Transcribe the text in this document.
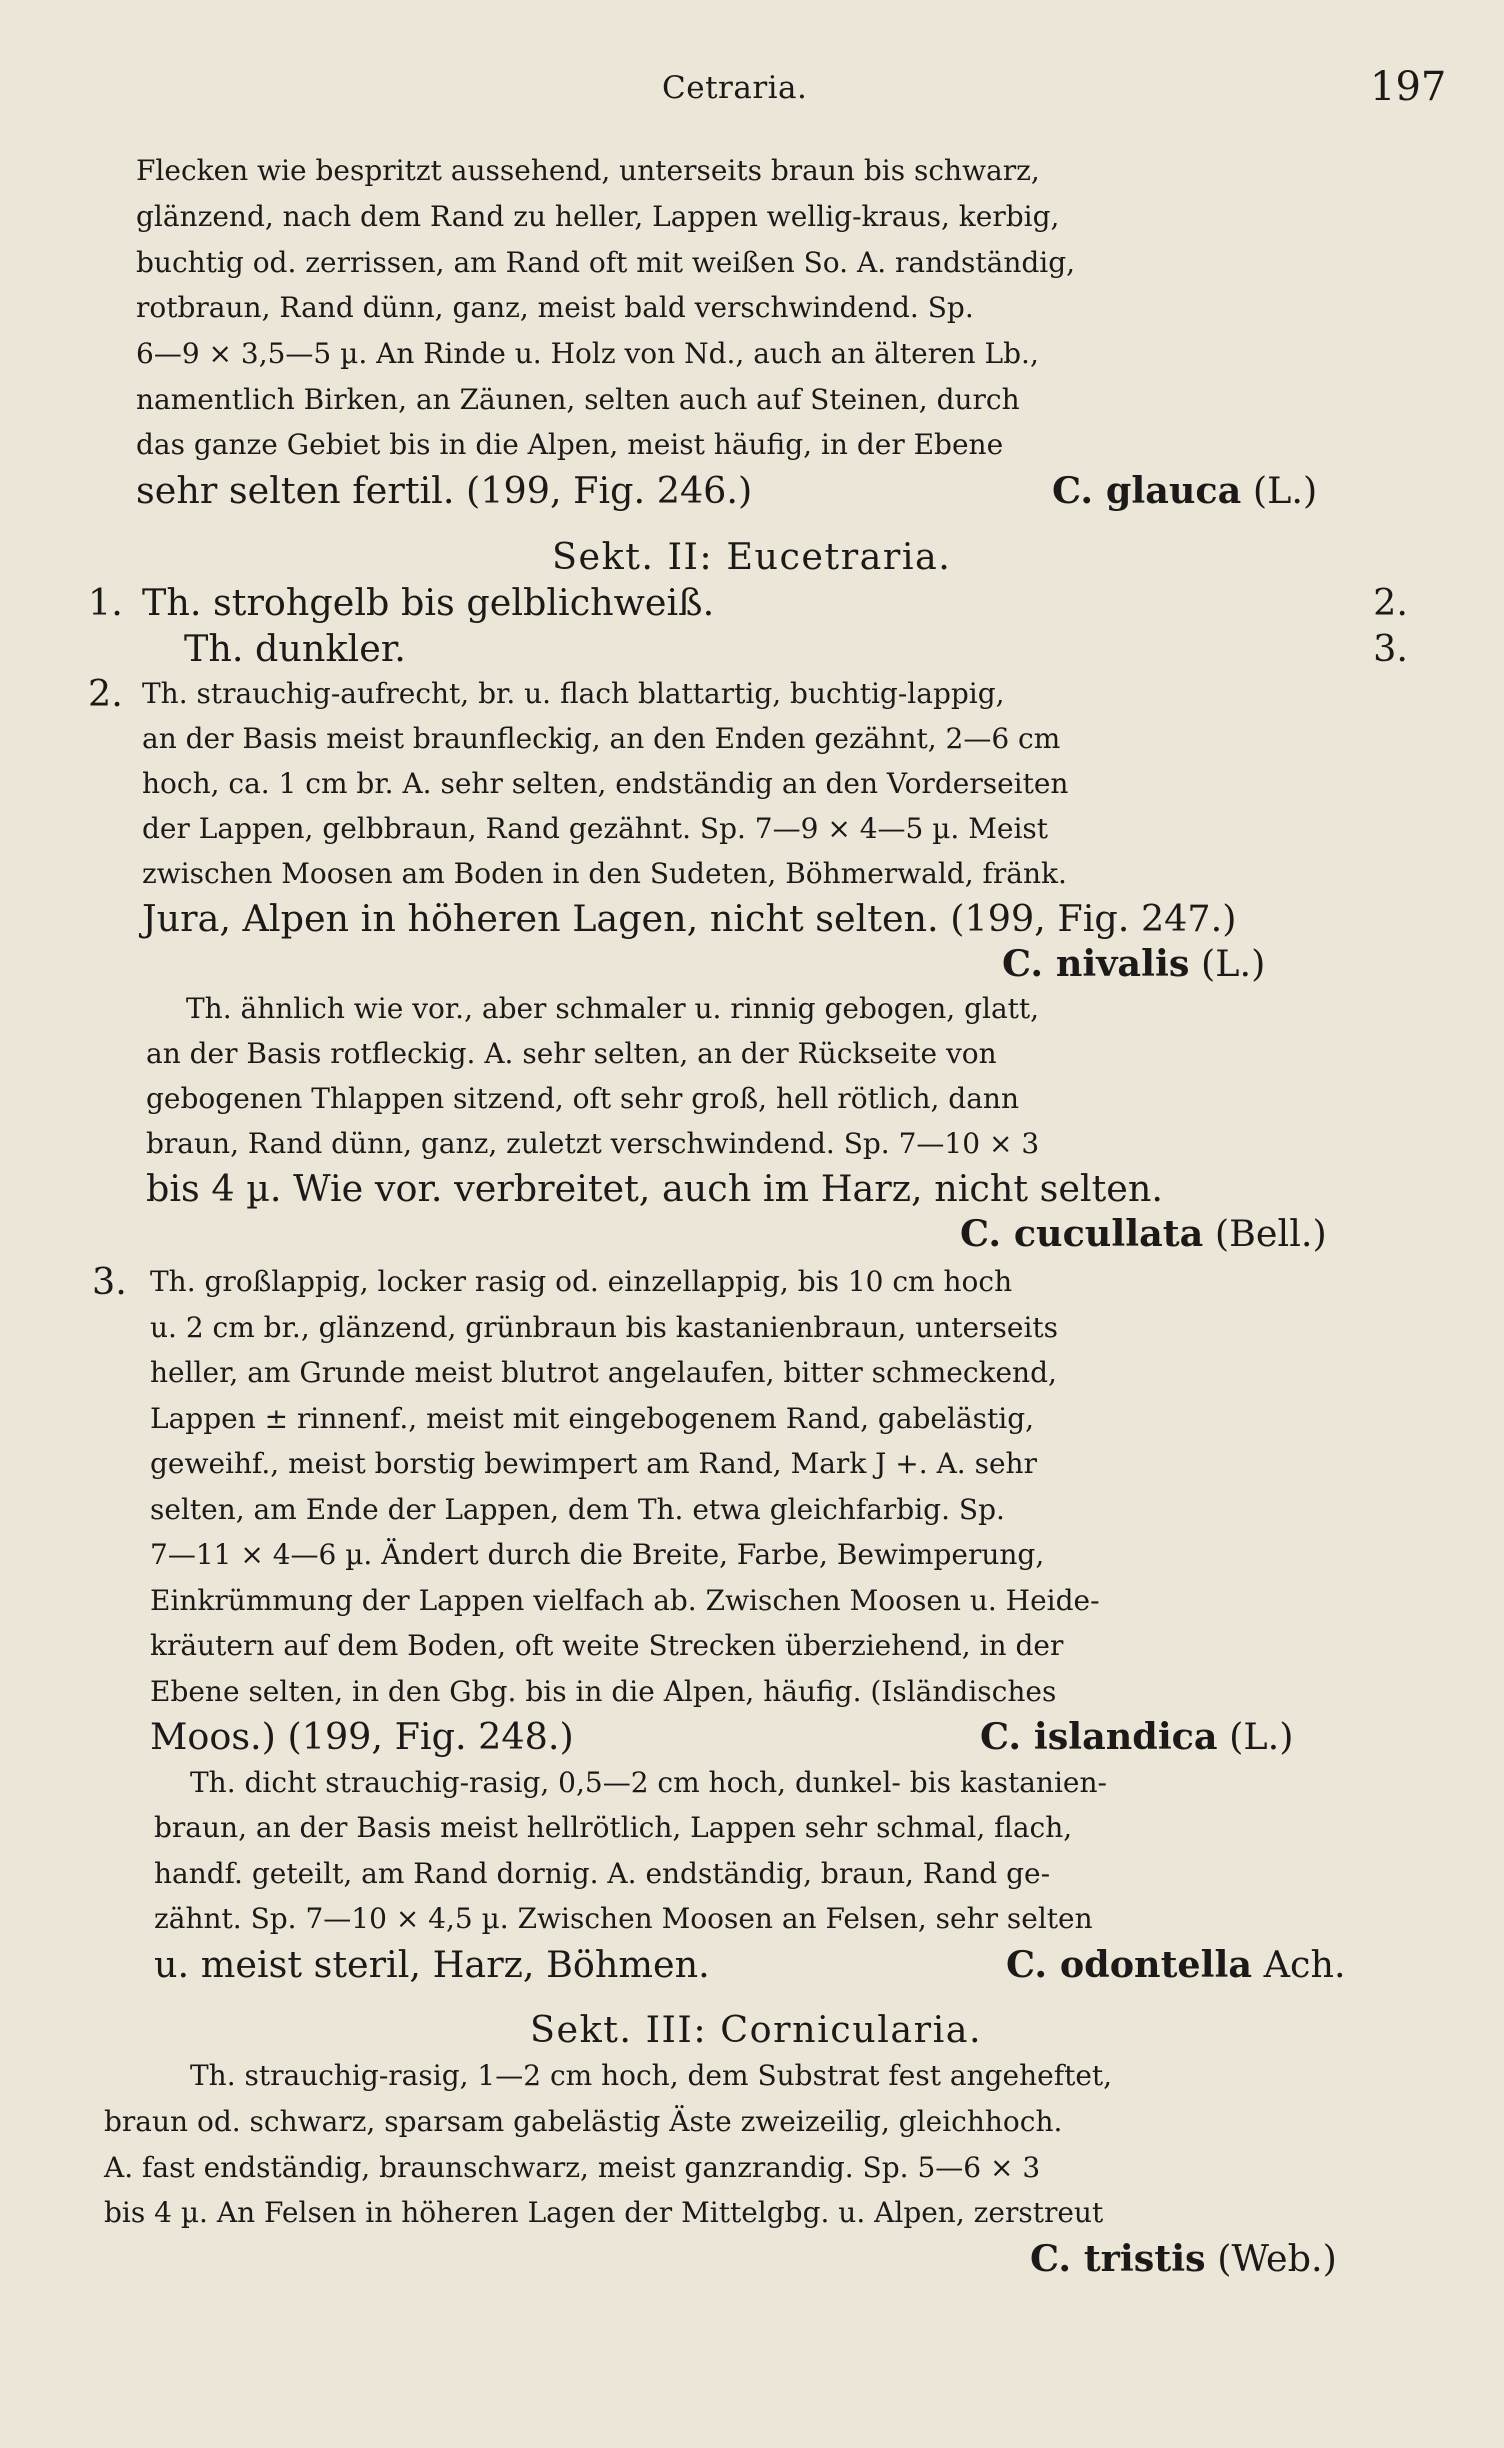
Cetraria.	197
Flecken wie bespritzt aussehend, unterseits braun bis schwarz,
glänzend, nach dem Rand zu heller, Lappen wellig-kraus, kerbig,
buchtig od. zerrissen, am Rand oft mit weißen So. A. randständig,
rotbraun, Rand dünn, ganz, meist bald verschwindend. Sp.
6—9 × 3,5—5 µ. An Rinde u. Holz von Nd., auch an älteren Lb.,
namentlich Birken, an Zäunen, selten auch auf Steinen, durch
das ganze Gebiet bis in die Alpen, meist häufig, in der Ebene
sehr selten fertil. (199, Fig. 246.)	C. glauca (L.)
Sekt. II: Eucetraria.
1. Th. strohgelb bis gelblichweiß.	2.
Th. dunkler.	3.
2. Th. strauchig-aufrecht, br. u. flach blattartig, buchtig-lappig,
an der Basis meist braunfleckig, an den Enden gezähnt, 2—6 cm
hoch, ca. 1 cm br. A. sehr selten, endständig an den Vorderseiten
der Lappen, gelbbraun, Rand gezähnt. Sp. 7—9 × 4—5 µ. Meist
zwischen Moosen am Boden in den Sudeten, Böhmerwald, fränk.
Jura, Alpen in höheren Lagen, nicht selten. (199, Fig. 247.)
C. nivalis (L.)
Th. ähnlich wie vor., aber schmaler u. rinnig gebogen, glatt,
an der Basis rotfleckig. A. sehr selten, an der Rückseite von
gebogenen Thlappen sitzend, oft sehr groß, hell rötlich, dann
braun, Rand dünn, ganz, zuletzt verschwindend. Sp. 7—10 × 3
bis 4 µ. Wie vor. verbreitet, auch im Harz, nicht selten.
C. cucullata (Bell.)
3. Th. großlappig, locker rasig od. einzellappig, bis 10 cm hoch
u. 2 cm br., glänzend, grünbraun bis kastanienbraun, unterseits
heller, am Grunde meist blutrot angelaufen, bitter schmeckend,
Lappen ± rinnenf., meist mit eingebogenem Rand, gabelästig,
geweihf., meist borstig bewimpert am Rand, Mark J +. A. sehr
selten, am Ende der Lappen, dem Th. etwa gleichfarbig. Sp.
7—11 × 4—6 µ. Ändert durch die Breite, Farbe, Bewimperung,
Einkrümmung der Lappen vielfach ab. Zwischen Moosen u. Heide-
kräutern auf dem Boden, oft weite Strecken überziehend, in der
Ebene selten, in den Gbg. bis in die Alpen, häufig. (Isländisches
Moos.) (199, Fig. 248.)	C. islandica (L.)
Th. dicht strauchig-rasig, 0,5—2 cm hoch, dunkel- bis kastanien-
braun, an der Basis meist hellrötlich, Lappen sehr schmal, flach,
handf. geteilt, am Rand dornig. A. endständig, braun, Rand ge-
zähnt. Sp. 7—10 × 4,5 µ. Zwischen Moosen an Felsen, sehr selten
u. meist steril, Harz, Böhmen.	C. odontella Ach.
Sekt. III: Cornicularia.
Th. strauchig-rasig, 1—2 cm hoch, dem Substrat fest angeheftet,
braun od. schwarz, sparsam gabelästig Äste zweizeilig, gleichhoch.
A. fast endständig, braunschwarz, meist ganzrandig. Sp. 5—6 × 3
bis 4 µ. An Felsen in höheren Lagen der Mittelgbg. u. Alpen, zerstreut
C. tristis (Web.)
